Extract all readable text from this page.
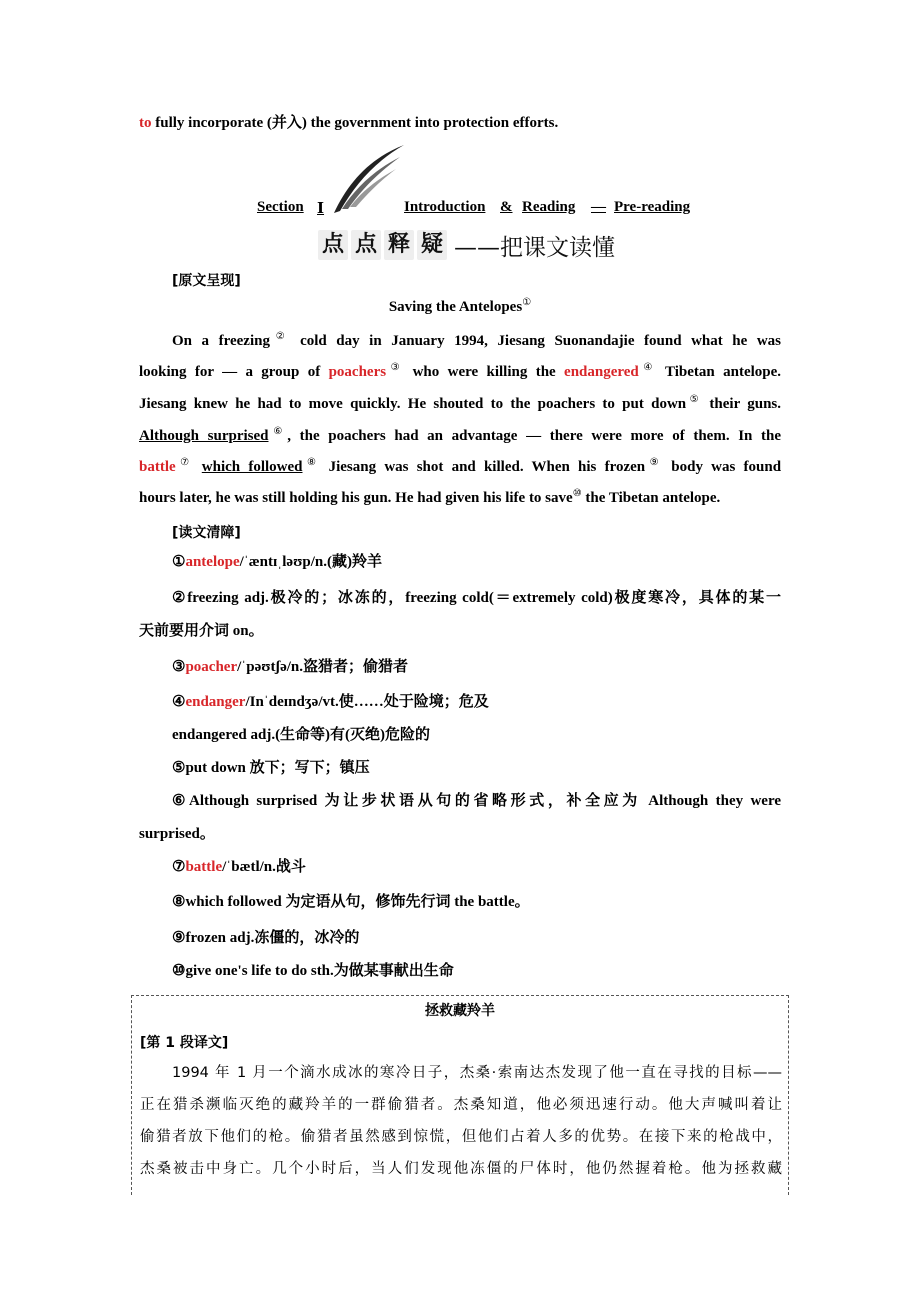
to fully incorporate (并入) the government into protection efforts.
Section Ⅰ	Introduction & Reading — Pre-reading
点 点 释 疑 ——把课文读懂
[原文呈现]
Saving the Antelopes①
On a freezing② cold day in January 1994, Jiesang Suonandajie found what he was
looking for — a group of poachers③ who were killing the endangered④ Tibetan antelope.
Jiesang knew he had to move quickly. He shouted to the poachers to put down⑤ their guns.
Although surprised⑥, the poachers had an advantage — there were more of them. In the
battle⑦ which followed⑧ Jiesang was shot and killed. When his frozen⑨ body was found
hours later, he was still holding his gun. He had given his life to save⑩ the Tibetan antelope.
[读文清障]
①antelope/ˈæntɪˌləʊp/n.(藏)羚羊
②freezing adj.极冷的；冰冻的，freezing cold(＝extremely cold)极度寒冷，具体的某一
天前要用介词 on。
③poacher/ˈpəʊtʃə/n.盗猎者；偷猎者
④endanger/Inˈdeɪndʒə/vt.使……处于险境；危及
endangered adj.(生命等)有(灭绝)危险的
⑤put down 放下；写下；镇压
⑥Although surprised 为让步状语从句的省略形式，补全应为 Although they were
surprised。
⑦battle/ˈbætl/n.战斗
⑧which followed 为定语从句，修饰先行词 the battle。
⑨frozen adj.冻僵的，冰冷的
⑩give one's life to do sth.为做某事献出生命
拯救藏羚羊
[第 1 段译文]
1994 年 1 月一个滴水成冰的寒冷日子，杰桑·索南达杰发现了他一直在寻找的目标——
正在猎杀濒临灭绝的藏羚羊的一群偷猎者。杰桑知道，他必须迅速行动。他大声喊叫着让
偷猎者放下他们的枪。偷猎者虽然感到惊慌，但他们占着人多的优势。在接下来的枪战中，
杰桑被击中身亡。几个小时后，当人们发现他冻僵的尸体时，他仍然握着枪。他为拯救藏
